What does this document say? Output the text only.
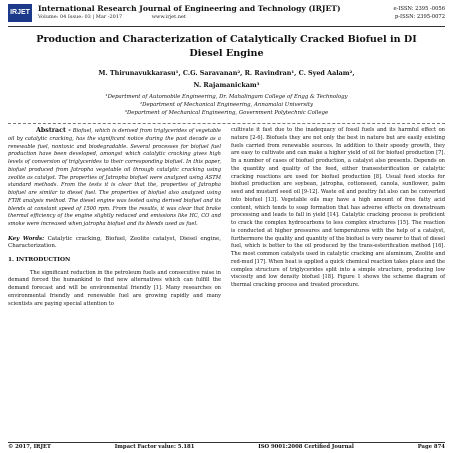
IRJET International Research Journal of Engineering and Technology (IRJET)
Volume: 04 Issue: 03 | Mar -2017	www.irjet.net
e-ISSN: 2395 -0056
p-ISSN: 2395-0072
Production and Characterization of Catalytically Cracked Biofuel in DI Diesel Engine
M. Thirunavukkarasu¹, C.G. Saravanan², R. Ravindran¹, C. Syed Aalam²,
N. Rajamanickam³
¹Department of Automobile Engineering, Dr. Mahalingam College of Engg & Technology
²Department of Mechanical Engineering, Annamalai University
³Department of Mechanical Engineering, Government Polytechnic College
Abstract - Biofuel, which is derived from triglycerides of vegetable oil by catalytic cracking, has the significant notice during the past decade as a renewable fuel, nontoxic and biodegradable. Several processes for biofuel fuel production have been developed, amongst which catalytic cracking gives high levels of conversion of triglycerides to their corresponding biofuel. In this paper, biofuel produced from Jatropha vegetable oil through catalytic cracking using zeolite as catalyst. The properties of Jatropha biofuel were analyzed using ASTM standard methods. From the tests it is clear that the, properties of Jatropha biofuel are similar to diesel fuel. The properties of biofuel also analyzed using FTIR analysis method. The diesel engine was tested using derived biofuel and its blends at constant speed of 1500 rpm. From the results, it was clear that brake thermal efficiency of the engine slightly reduced and emissions like HC, CO and smoke were increased when jatropha biofuel and its blends used as fuel.
Key Words: Catalytic cracking, Biofuel, Zeolite catalyst, Diesel engine, Characterization.
1. INTRODUCTION
The significant reduction in the petroleum fuels and consecutive raise in demand forced the humankind to find new alternatives which can fulfill the demand forecast and will be environmental friendly [1]. Many researches on environmental friendly and renewable fuel are growing rapidly and many scientists are paying special attention to
cultivate it fast due to the inadequacy of fossil fuels and its harmful effect on nature [2-6]. Biofuels they are not only the best in nature but are easily existing fuels carried from renewable sources. In addition to their speedy growth, they are easy to cultivate and can make a higher yield of oil for biofuel production [7]. In a number of cases of biofuel production, a catalyst also presents. Depends on the quantity and quality of the feed, either transesterification or catalytic cracking reactions are used for biofuel production [8]. Usual feed stocks for biofuel production are soybean, jatropha, cottonseed, canola, sunflower, palm seed and mustard seed oil [9-12]. Waste oil and poultry fat also can be converted into biofuel [13]. Vegetable oils may have a high amount of free fatty acid content, which tends to soap formation that has adverse effects on downstream processing and leads to fall in yield [14]. Catalytic cracking process is proficient to crack the complex hydrocarbons to less complex structures [15]. The reaction is conducted at higher pressures and temperatures with the help of a catalyst, furthermore the quality and quantity of the biofuel is very nearer to that of diesel fuel, which is better to the oil produced by the trans-esterification method [16]. The most common catalysts used in catalytic cracking are aluminum, Zeolite and red-mud [17]. When heat is applied a quick chemical reaction takes place and the complex structure of triglycerides split into a simple structure, producing low viscosity and low density biofuel [18]. Figure 1 shows the scheme diagram of thermal cracking process and treated procedure.
© 2017, IRJET	Impact Factor value: 5.181	ISO 9001:2008 Certified Journal	Page 874
